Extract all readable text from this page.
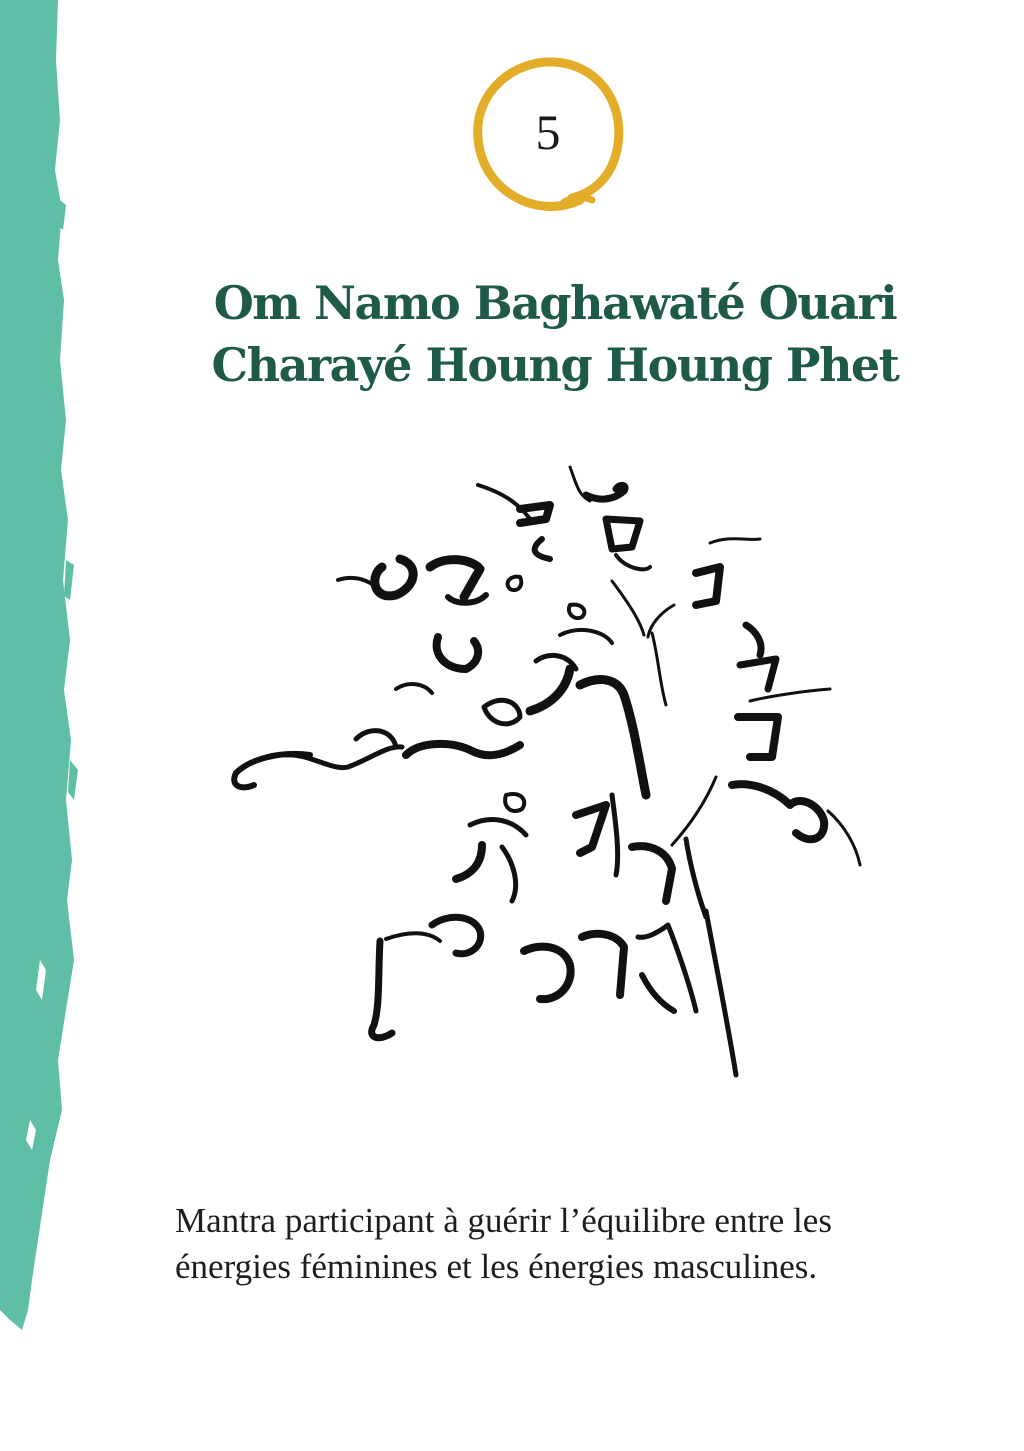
5
Om Namo Baghawaté Ouari
Charayé Houng Houng Phet
Mantra participant à guérir l’équilibre entre les énergies féminines et les énergies masculines.
